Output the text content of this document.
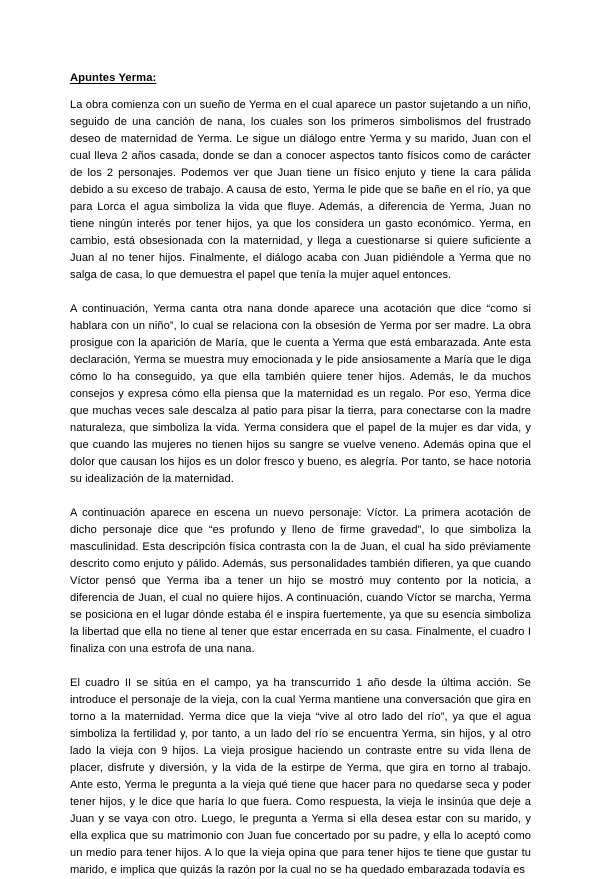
Apuntes Yerma:

La obra comienza con un sueño de Yerma en el cual aparece un pastor sujetando a un niño, seguido de una canción de nana, los cuales son los primeros simbolismos del frustrado deseo de maternidad de Yerma. Le sigue un diálogo entre Yerma y su marido, Juan con el cual lleva 2 años casada, donde se dan a conocer aspectos tanto físicos como de carácter de los 2 personajes. Podemos ver que Juan tiene un físico enjuto y tiene la cara pálida debido a su exceso de trabajo. A causa de esto, Yerma le pide que se bañe en el río, ya que para Lorca el agua simboliza la vida que fluye. Además, a diferencia de Yerma, Juan no tiene ningún interés por tener hijos, ya que los considera un gasto económico. Yerma, en cambio, está obsesionada con la maternidad, y llega a cuestionarse si quiere suficiente a Juan al no tener hijos. Finalmente, el diálogo acaba con Juan pidiéndole a Yerma que no salga de casa, lo que demuestra el papel que tenía la mujer aquel entonces.

A continuación, Yerma canta otra nana donde aparece una acotación que dice “como si hablara con un niño”, lo cual se relaciona con la obsesión de Yerma por ser madre. La obra prosigue con la aparición de María, que le cuenta a Yerma que está embarazada. Ante esta declaración, Yerma se muestra muy emocionada y le pide ansiosamente a María que le diga cómo lo ha conseguido, ya que ella también quiere tener hijos. Además, le da muchos consejos y expresa cómo ella piensa que la maternidad es un regalo. Por eso, Yerma dice que muchas veces sale descalza al patio para pisar la tierra, para conectarse con la madre naturaleza, que simboliza la vida. Yerma considera que el papel de la mujer es dar vida, y que cuando las mujeres no tienen hijos su sangre se vuelve veneno. Además opina que el dolor que causan los hijos es un dolor fresco y bueno, es alegría. Por tanto, se hace notoria su idealización de la maternidad.

A continuación aparece en escena un nuevo personaje: Víctor. La primera acotación de dicho personaje dice que “es profundo y lleno de firme gravedad”, lo que simboliza la masculinidad. Esta descripción física contrasta con la de Juan, el cual ha sido préviamente descrito como enjuto y pálido. Además, sus personalidades también difieren, ya que cuando Víctor pensó que Yerma iba a tener un hijo se mostró muy contento por la noticia, a diferencia de Juan, el cual no quiere hijos. A continuación, cuando Víctor se marcha, Yerma se posiciona en el lugar dónde estaba él e inspira fuertemente, ya que su esencia simboliza la libertad que ella no tiene al tener que estar encerrada en su casa. Finalmente, el cuadro I finaliza con una estrofa de una nana.

El cuadro II se sitúa en el campo, ya ha transcurrido 1 año desde la última acción. Se introduce el personaje de la vieja, con la cual Yerma mantiene una conversación que gira en torno a la maternidad. Yerma dice que la vieja “vive al otro lado del río”, ya que el agua simboliza la fertilidad y, por tanto, a un lado del río se encuentra Yerma, sin hijos, y al otro lado la vieja con 9 hijos. La vieja prosigue haciendo un contraste entre su vida llena de placer, disfrute y diversión, y la vida de la estirpe de Yerma, que gira en torno al trabajo. Ante esto, Yerma le pregunta a la vieja qué tiene que hacer para no quedarse seca y poder tener hijos, y le dice que haría lo que fuera. Como respuesta, la vieja le insinúa que deje a Juan y se vaya con otro. Luego, le pregunta a Yerma si ella desea estar con su marido, y ella explica que su matrimonio con Juan fue concertado por su padre, y ella lo aceptó como un medio para tener hijos. A lo que la vieja opina que para tener hijos te tiene que gustar tu marido, e implica que quizás la razón por la cual no se ha quedado embarazada todavía es
